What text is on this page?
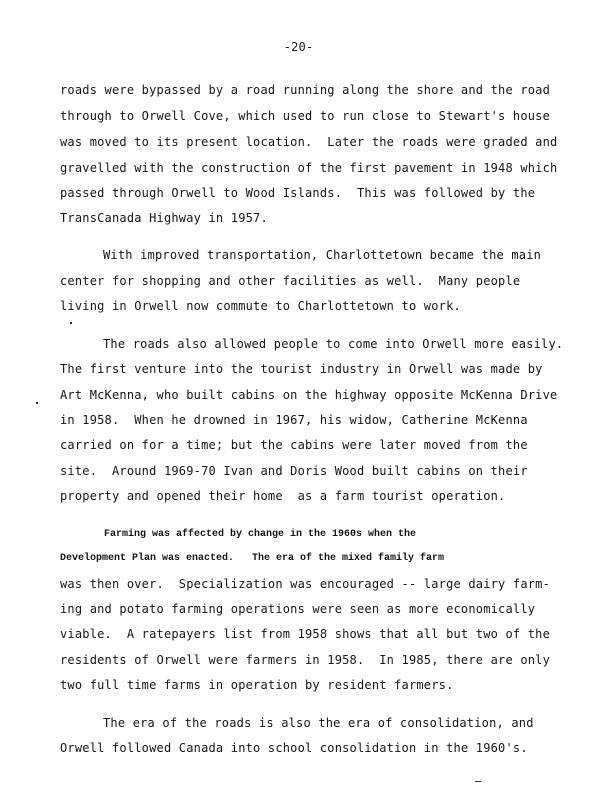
-20-
roads were bypassed by a road running along the shore and the road
through to Orwell Cove, which used to run close to Stewart's house
was moved to its present location.  Later the roads were graded and
gravelled with the construction of the first pavement in 1948 which
passed through Orwell to Wood Islands.  This was followed by the
TransCanada Highway in 1957.
With improved transportation, Charlottetown became the main
center for shopping and other facilities as well.  Many people
living in Orwell now commute to Charlottetown to work.
The roads also allowed people to come into Orwell more easily.
The first venture into the tourist industry in Orwell was made by
Art McKenna, who built cabins on the highway opposite McKenna Drive
in 1958.  When he drowned in 1967, his widow, Catherine McKenna
carried on for a time; but the cabins were later moved from the
site.  Around 1969-70 Ivan and Doris Wood built cabins on their
property and opened their home  as a farm tourist operation.
Farming was affected by change in the 1960s when the
Development Plan was enacted.   The era of the mixed family farm
was then over.  Specialization was encouraged -- large dairy farm-
ing and potato farming operations were seen as more economically
viable.  A ratepayers list from 1958 shows that all but two of the
residents of Orwell were farmers in 1958.  In 1985, there are only
two full time farms in operation by resident farmers.
The era of the roads is also the era of consolidation, and
Orwell followed Canada into school consolidation in the 1960's.
